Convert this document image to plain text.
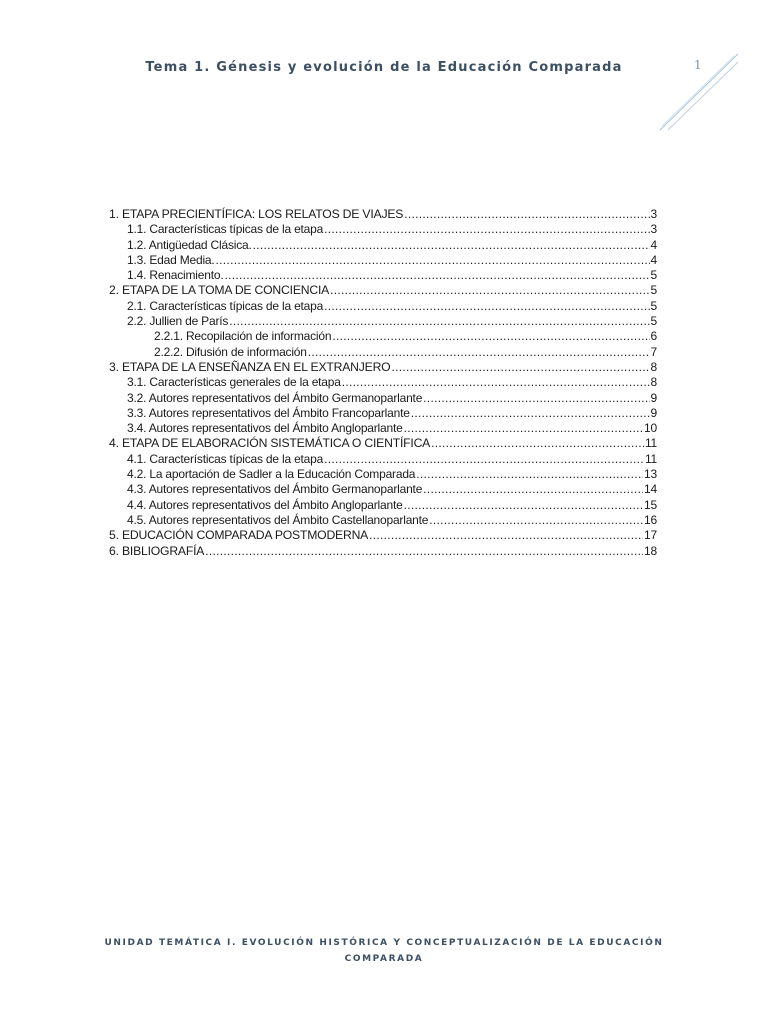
Tema 1. Génesis y evolución de la Educación Comparada	1
1. ETAPA PRECIENTÍFICA: LOS RELATOS DE VIAJES .....	3
1.1. Características típicas de la etapa .....	3
1.2. Antigüedad Clásica. .....	4
1.3. Edad Media. .....	4
1.4. Renacimiento. .....	5
2. ETAPA DE LA TOMA DE CONCIENCIA .....	5
2.1. Características típicas de la etapa .....	5
2.2. Jullien de París .....	5
2.2.1. Recopilación de información .....	6
2.2.2. Difusión de información .....	7
3. ETAPA DE LA ENSEÑANZA EN EL EXTRANJERO .....	8
3.1. Características generales de la etapa .....	8
3.2. Autores representativos del Ámbito Germanoparlante .....	9
3.3. Autores representativos del Ámbito Francoparlante .....	9
3.4. Autores representativos del Ámbito Angloparlante .....	10
4. ETAPA DE ELABORACIÓN SISTEMÁTICA O CIENTÍFICA .....	11
4.1. Características típicas de la etapa .....	11
4.2. La aportación de Sadler a la Educación Comparada .....	13
4.3. Autores representativos del Ámbito Germanoparlante .....	14
4.4. Autores representativos del Ámbito Angloparlante .....	15
4.5. Autores representativos del Ámbito Castellanoparlante .....	16
5. EDUCACIÓN COMPARADA POSTMODERNA .....	17
6. BIBLIOGRAFÍA .....	18
UNIDAD TEMÁTICA I. EVOLUCIÓN HISTÓRICA Y CONCEPTUALIZACIÓN DE LA EDUCACIÓN
COMPARADA
